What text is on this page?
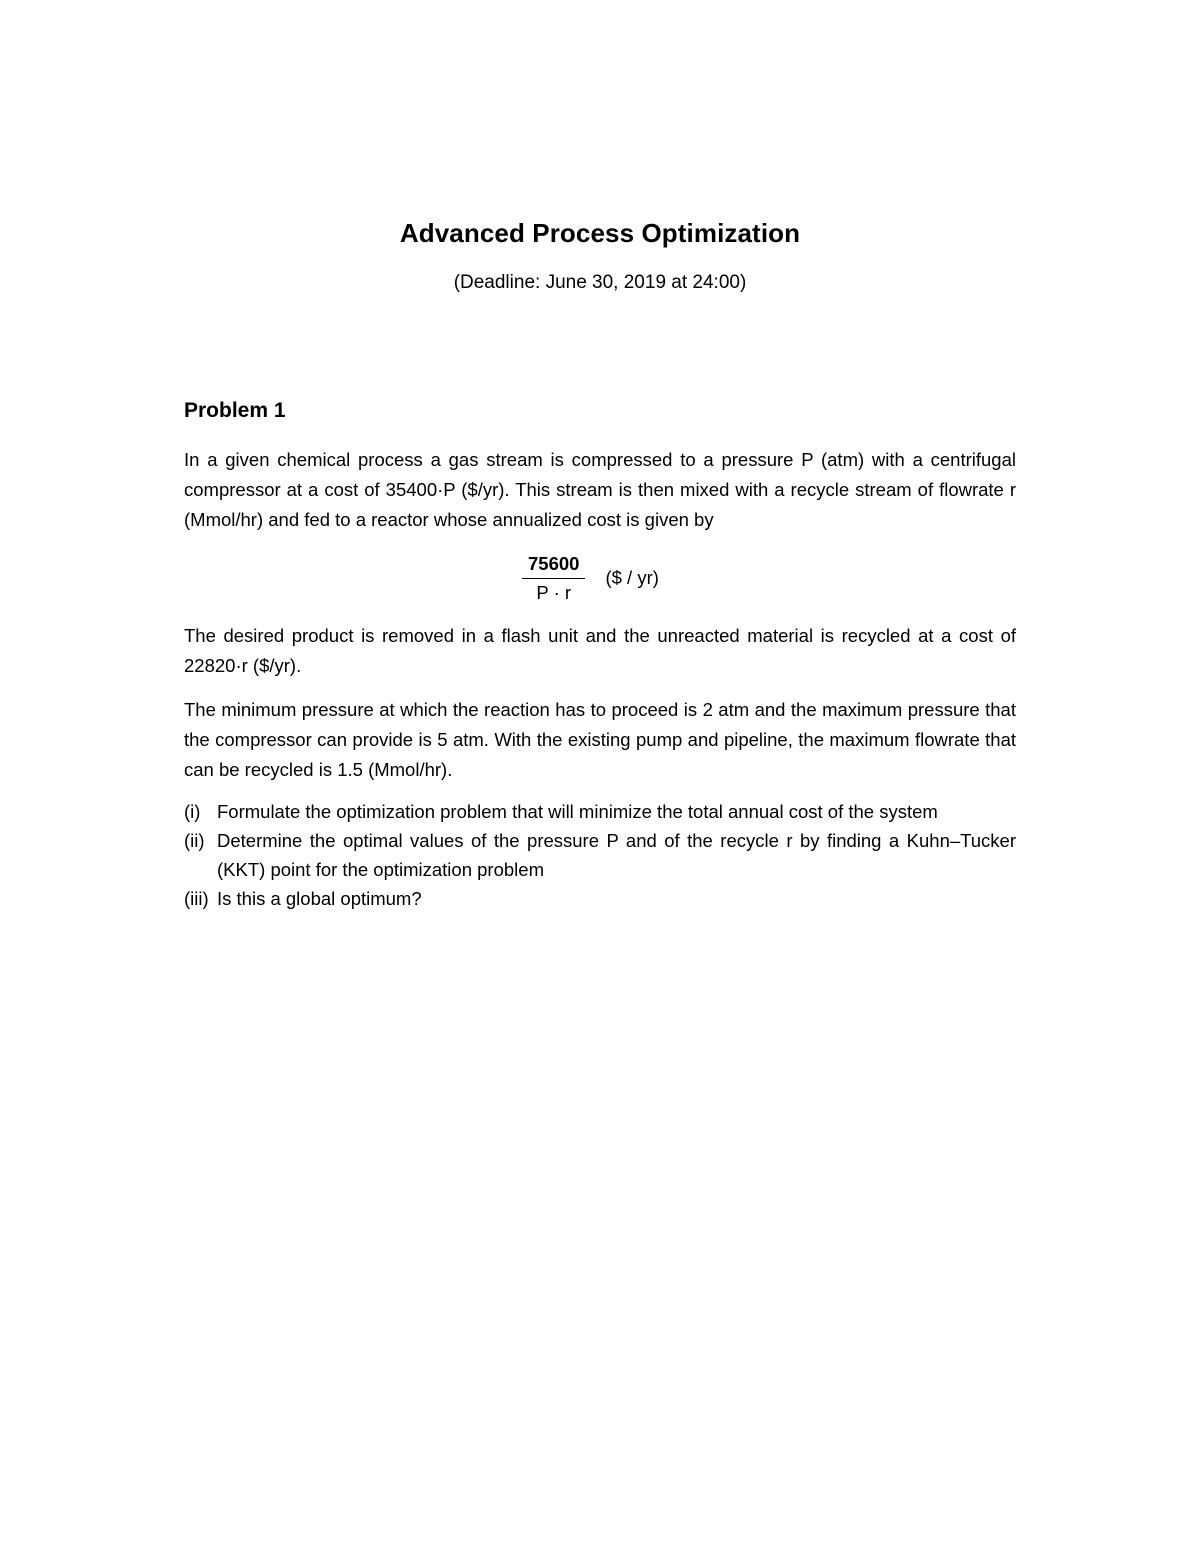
Advanced Process Optimization
(Deadline: June 30, 2019 at 24:00)
Problem 1

In a given chemical process a gas stream is compressed to a pressure P (atm) with a centrifugal compressor at a cost of 35400·P ($/yr). This stream is then mixed with a recycle stream of flowrate r (Mmol/hr) and fed to a reactor whose annualized cost is given by

$\frac{75600}{P \cdot r}$ ($ / yr)

The desired product is removed in a flash unit and the unreacted material is recycled at a cost of 22820·r ($/yr).

The minimum pressure at which the reaction has to proceed is 2 atm and the maximum pressure that the compressor can provide is 5 atm. With the existing pump and pipeline, the maximum flowrate that can be recycled is 1.5 (Mmol/hr).

(i) Formulate the optimization problem that will minimize the total annual cost of the system
(ii) Determine the optimal values of the pressure P and of the recycle r by finding a Kuhn–Tucker (KKT) point for the optimization problem
(iii) Is this a global optimum?
